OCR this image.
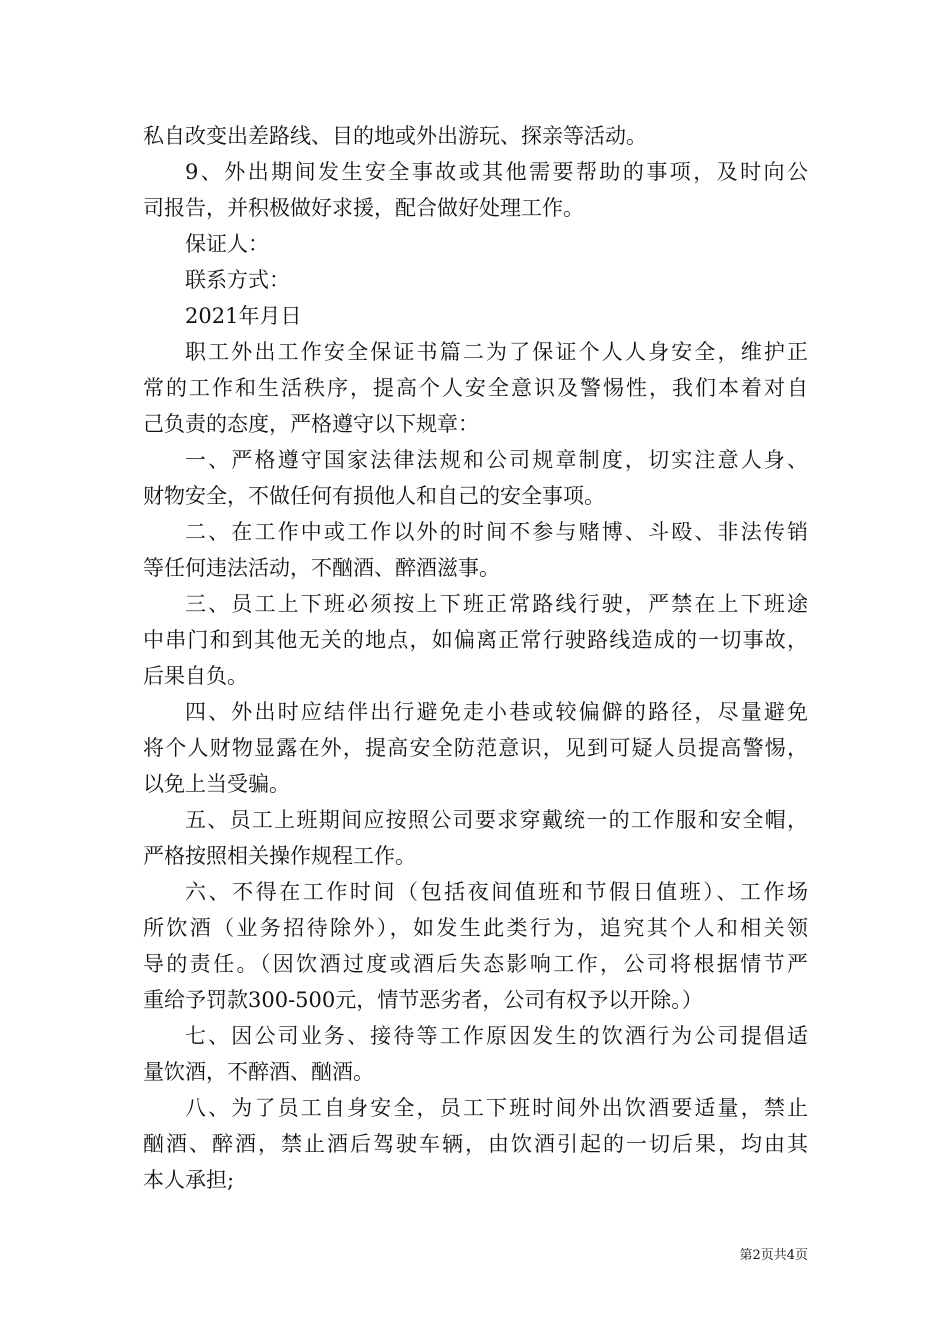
私自改变出差路线、目的地或外出游玩、探亲等活动。
9、外出期间发生安全事故或其他需要帮助的事项，及时向公
司报告，并积极做好求援，配合做好处理工作。
保证人：
联系方式：
2021年月日
职工外出工作安全保证书篇二为了保证个人人身安全，维护正
常的工作和生活秩序，提高个人安全意识及警惕性，我们本着对自
己负责的态度，严格遵守以下规章：
一、严格遵守国家法律法规和公司规章制度，切实注意人身、
财物安全，不做任何有损他人和自己的安全事项。
二、在工作中或工作以外的时间不参与赌博、斗殴、非法传销
等任何违法活动，不酗酒、醉酒滋事。
三、员工上下班必须按上下班正常路线行驶，严禁在上下班途
中串门和到其他无关的地点，如偏离正常行驶路线造成的一切事故，
后果自负。
四、外出时应结伴出行避免走小巷或较偏僻的路径，尽量避免
将个人财物显露在外，提高安全防范意识，见到可疑人员提高警惕，
以免上当受骗。
五、员工上班期间应按照公司要求穿戴统一的工作服和安全帽，
严格按照相关操作规程工作。
六、不得在工作时间（包括夜间值班和节假日值班）、工作场
所饮酒（业务招待除外），如发生此类行为，追究其个人和相关领
导的责任。（因饮酒过度或酒后失态影响工作，公司将根据情节严
重给予罚款300-500元，情节恶劣者，公司有权予以开除。）
七、因公司业务、接待等工作原因发生的饮酒行为公司提倡适
量饮酒，不醉酒、酗酒。
八、为了员工自身安全，员工下班时间外出饮酒要适量，禁止
酗酒、醉酒，禁止酒后驾驶车辆，由饮酒引起的一切后果，均由其
本人承担;
第2页共4页
